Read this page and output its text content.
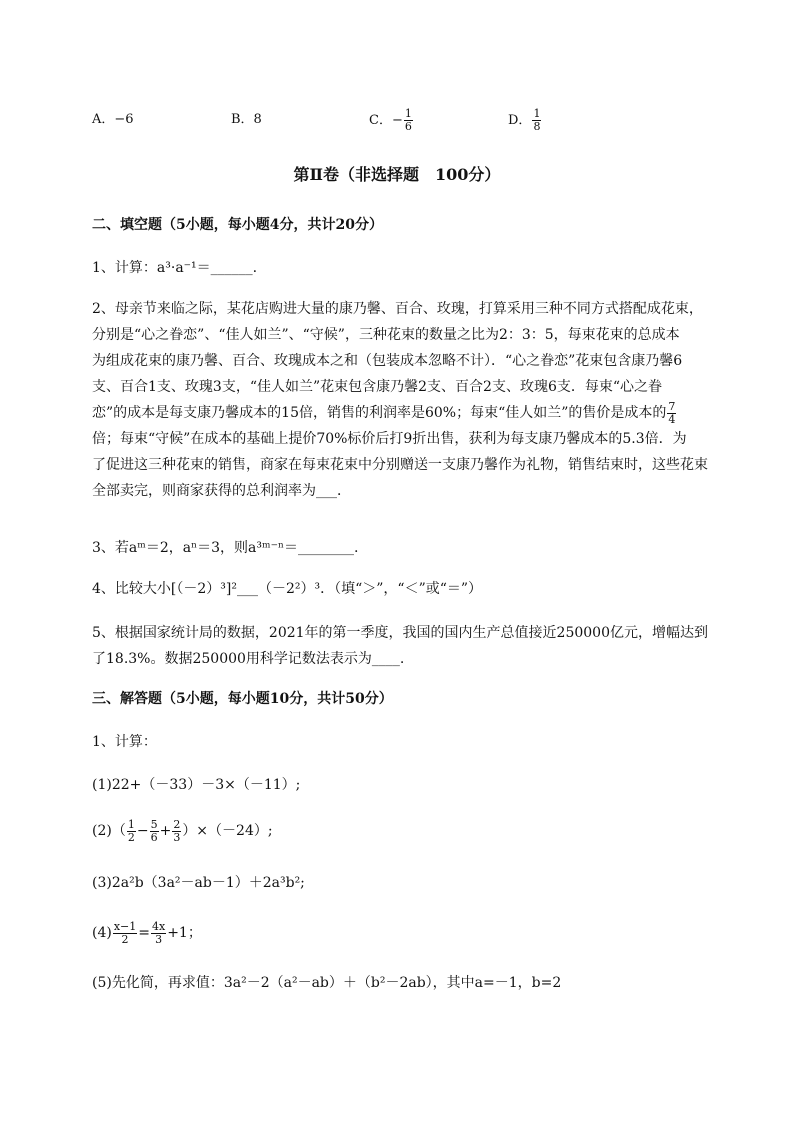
A．−6	B．8	C．− $\frac{1}{6}$	D． $\frac{1}{8}$
第Ⅱ卷（非选择题　100分）
二、填空题（5小题，每小题4分，共计20分）
1、计算：a³·a⁻¹＝______.
2、母亲节来临之际，某花店购进大量的康乃馨、百合、玫瑰，打算采用三种不同方式搭配成花束，
分别是“心之眷恋”、“佳人如兰”、“守候”，三种花束的数量之比为2：3：5，每束花束的总成本
为组成花束的康乃馨、百合、玫瑰成本之和（包装成本忽略不计）．“心之眷恋”花束包含康乃馨6
支、百合1支、玫瑰3支，“佳人如兰”花束包含康乃馨2支、百合2支、玫瑰6支．每束“心之眷
恋”的成本是每支康乃馨成本的15倍，销售的利润率是60%；每束“佳人如兰”的售价是成本的 $\frac{7}{4}$
倍；每束“守候”在成本的基础上提价70%标价后打9折出售，获利为每支康乃馨成本的5.3倍．为
了促进这三种花束的销售，商家在每束花束中分别赠送一支康乃馨作为礼物，销售结束时，这些花束
全部卖完，则商家获得的总利润率为___．
3、若aᵐ＝2，aⁿ＝3，则a³ᵐ⁻ⁿ＝________.
4、比较大小[（－2）³]²___（－2²）³．（填“＞”，“＜”或“＝”）
5、根据国家统计局的数据，2021年的第一季度，我国的国内生产总值接近250000亿元，增幅达到
了18.3%。数据250000用科学记数法表示为____.
三、解答题（5小题，每小题10分，共计50分）
1、计算：
(1)22+（－33）－3×（－11）;
$(2)( \frac{1}{2} - \frac{5}{6} + \frac{2}{3} )\times(-24)$;
(3)2a²b（3a²－ab－1）＋2a³b²;
$(4) \frac{x-1}{2} = \frac{4x}{3} +1$；
(5)先化简，再求值：3a²－2（a²－ab）＋（b²－2ab），其中a=－1，b=2
